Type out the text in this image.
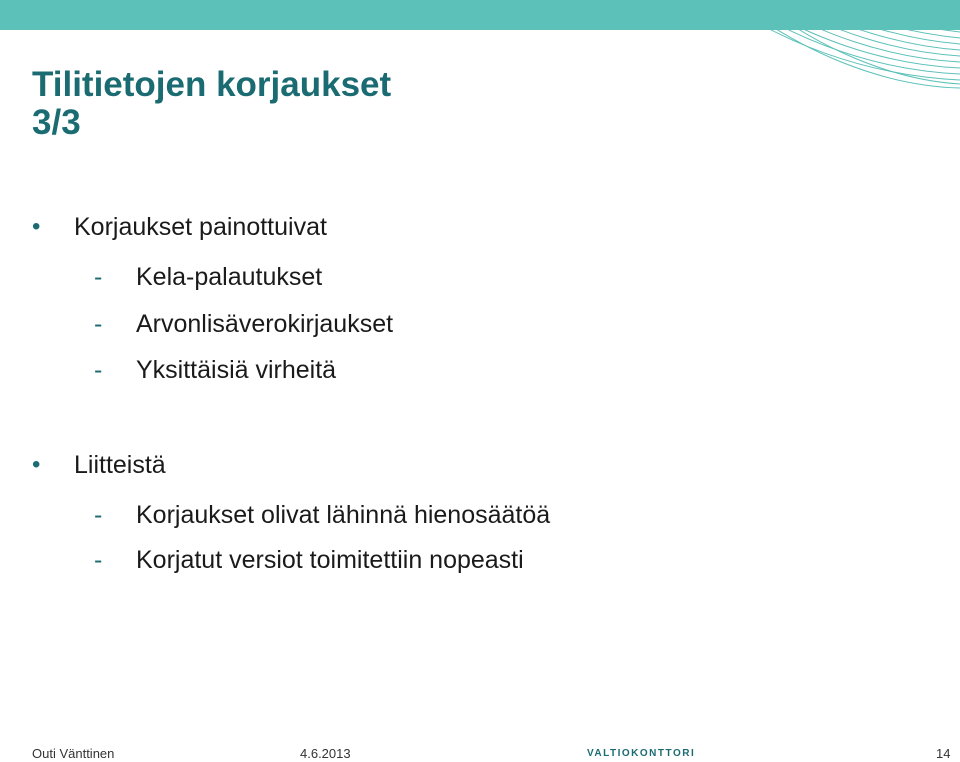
Tilitietojen korjaukset
3/3
• Korjaukset painottuivat
- Kela-palautukset
- Arvonlisäverokirjaukset
- Yksittäisiä virheitä
• Liitteistä
- Korjaukset olivat lähinnä hienosäätöä
- Korjatut versiot toimitettiin nopeasti
Outi Vänttinen	4.6.2013	VALTIOKONTTORI	14
